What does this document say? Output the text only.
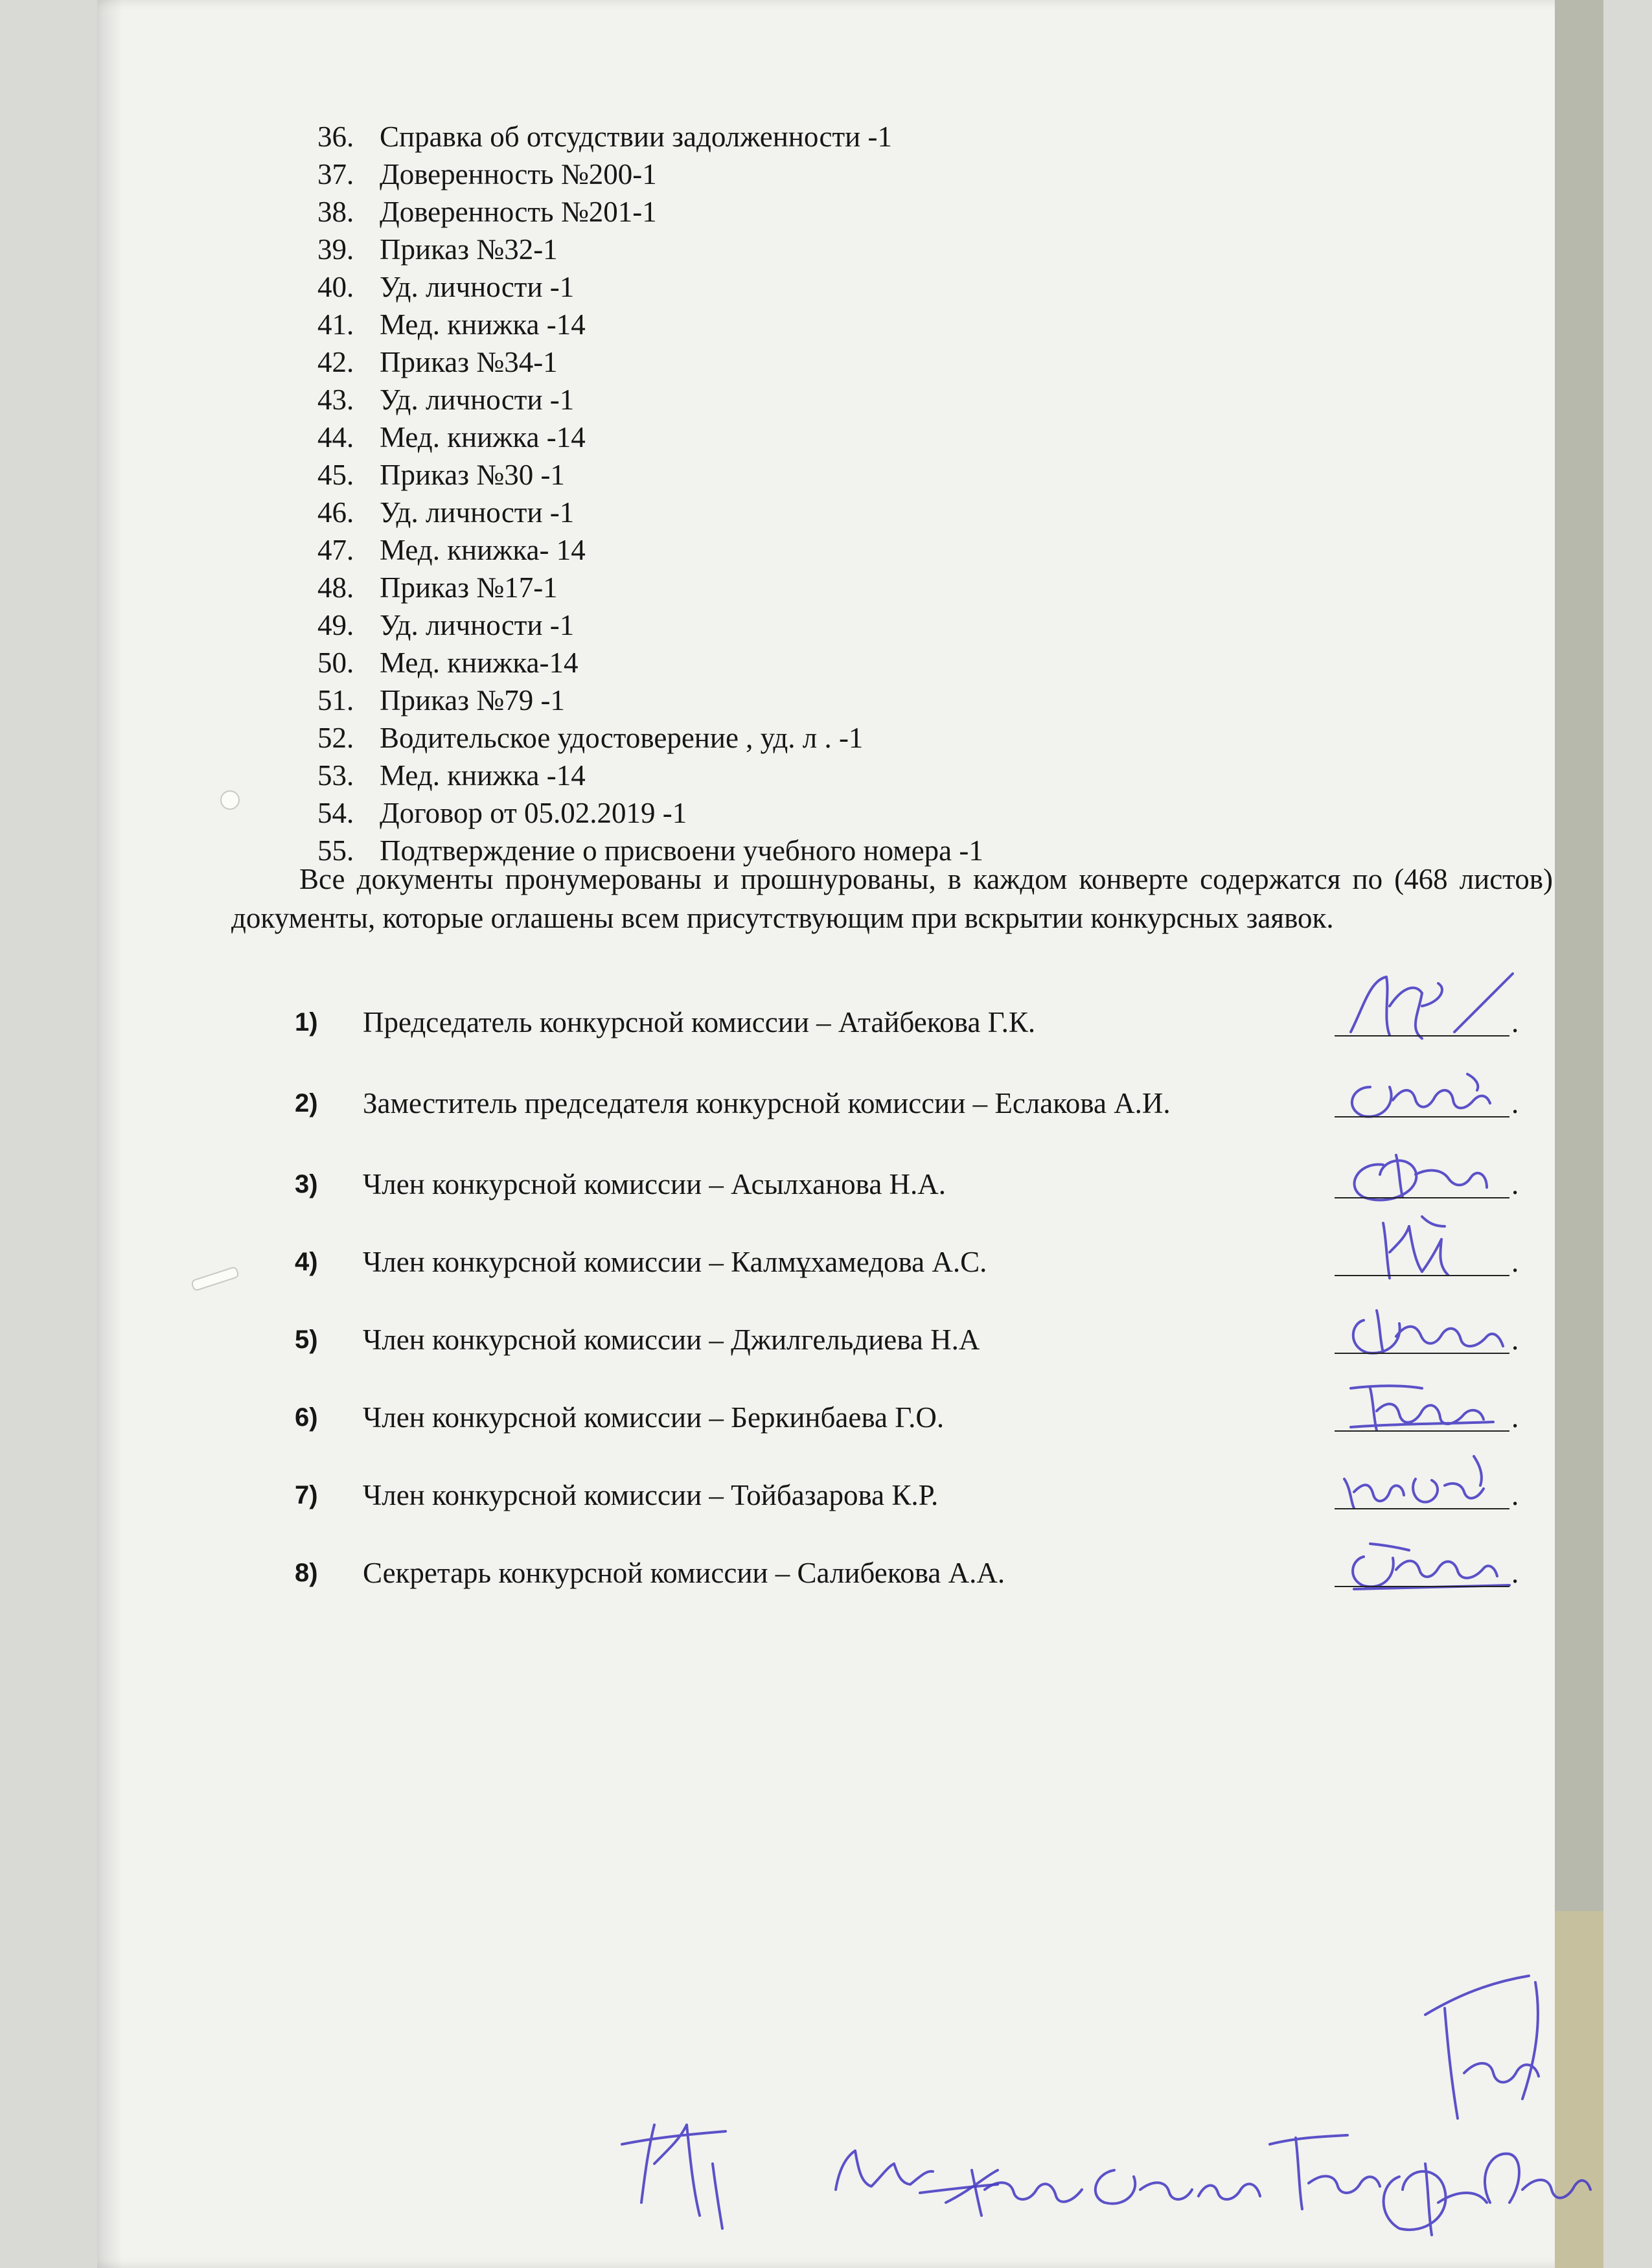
36. Справка об отсудствии задолженности -1
37. Доверенность №200-1
38. Доверенность №201-1
39. Приказ №32-1
40. Уд. личности -1
41. Мед. книжка -14
42. Приказ №34-1
43. Уд. личности -1
44. Мед. книжка -14
45. Приказ №30 -1
46. Уд. личности -1
47. Мед. книжка- 14
48. Приказ №17-1
49. Уд. личности -1
50. Мед. книжка-14
51. Приказ №79 -1
52. Водительское удостоверение , уд. л . -1
53. Мед. книжка -14
54. Договор от 05.02.2019 -1
55. Подтверждение о присвоени учебного номера -1

Все документы пронумерованы и прошнурованы, в каждом конверте содержатся по (468 листов) документы, которые оглашены всем присутствующим при вскрытии конкурсных заявок.

1) Председатель конкурсной комиссии – Атайбекова Г.К.	.
2) Заместитель председателя конкурсной комиссии – Еслакова А.И.	.
3) Член конкурсной комиссии – Асылханова Н.А.	.
4) Член конкурсной комиссии – Калмұхамедова А.С.	.
5) Член конкурсной комиссии – Джилгельдиева Н.А	.
6) Член конкурсной комиссии – Беркинбаева Г.О.	.
7) Член конкурсной комиссии – Тойбазарова К.Р.	.
8) Секретарь конкурсной комиссии – Салибекова А.А.	.
